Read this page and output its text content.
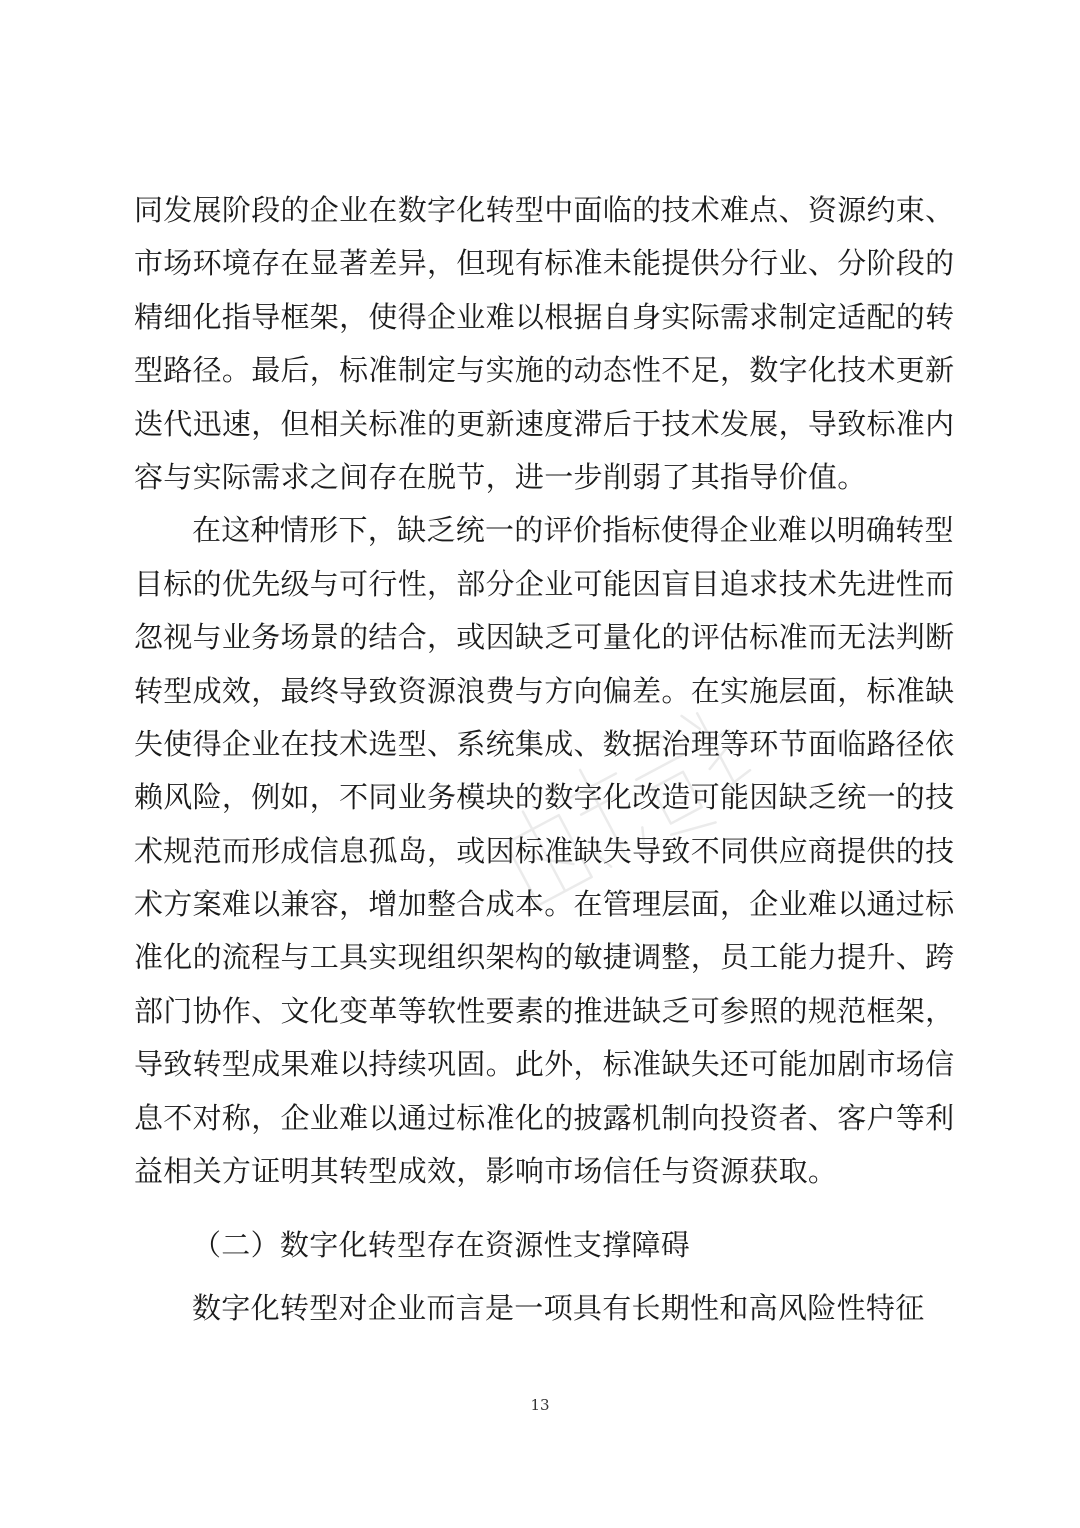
同发展阶段的企业在数字化转型中面临的技术难点、资源约束、
市场环境存在显著差异，但现有标准未能提供分行业、分阶段的
精细化指导框架，使得企业难以根据自身实际需求制定适配的转
型路径。最后，标准制定与实施的动态性不足，数字化技术更新
迭代迅速，但相关标准的更新速度滞后于技术发展，导致标准内
容与实际需求之间存在脱节，进一步削弱了其指导价值。
在这种情形下，缺乏统一的评价指标使得企业难以明确转型
目标的优先级与可行性，部分企业可能因盲目追求技术先进性而
忽视与业务场景的结合，或因缺乏可量化的评估标准而无法判断
转型成效，最终导致资源浪费与方向偏差。在实施层面，标准缺
失使得企业在技术选型、系统集成、数据治理等环节面临路径依
赖风险，例如，不同业务模块的数字化改造可能因缺乏统一的技
术规范而形成信息孤岛，或因标准缺失导致不同供应商提供的技
术方案难以兼容，增加整合成本。在管理层面，企业难以通过标
准化的流程与工具实现组织架构的敏捷调整，员工能力提升、跨
部门协作、文化变革等软性要素的推进缺乏可参照的规范框架，
导致转型成果难以持续巩固。此外，标准缺失还可能加剧市场信
息不对称，企业难以通过标准化的披露机制向投资者、客户等利
益相关方证明其转型成效，影响市场信任与资源获取。
（二）数字化转型存在资源性支撑障碍
数字化转型对企业而言是一项具有长期性和高风险性特征
13
